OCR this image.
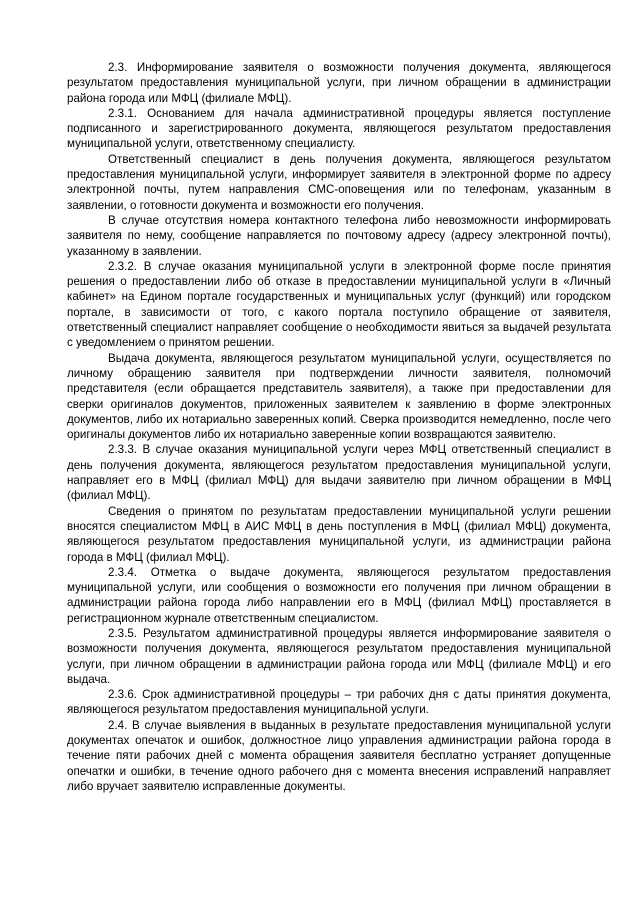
2.3. Информирование заявителя о возможности получения документа, являющегося результатом предоставления муниципальной услуги, при личном обращении в администрации района города или МФЦ (филиале МФЦ).

2.3.1. Основанием для начала административной процедуры является поступление подписанного и зарегистрированного документа, являющегося результатом предоставления муниципальной услуги, ответственному специалисту.

Ответственный специалист в день получения документа, являющегося результатом предоставления муниципальной услуги, информирует заявителя в электронной форме по адресу электронной почты, путем направления СМС-оповещения или по телефонам, указанным в заявлении, о готовности документа и возможности его получения.

В случае отсутствия номера контактного телефона либо невозможности информировать заявителя по нему, сообщение направляется по почтовому адресу (адресу электронной почты), указанному в заявлении.

2.3.2. В случае оказания муниципальной услуги в электронной форме после принятия решения о предоставлении либо об отказе в предоставлении муниципальной услуги в «Личный кабинет» на Едином портале государственных и муниципальных услуг (функций) или городском портале, в зависимости от того, с какого портала поступило обращение от заявителя, ответственный специалист направляет сообщение о необходимости явиться за выдачей результата с уведомлением о принятом решении.

Выдача документа, являющегося результатом муниципальной услуги, осуществляется по личному обращению заявителя при подтверждении личности заявителя, полномочий представителя (если обращается представитель заявителя), а также при предоставлении для сверки оригиналов документов, приложенных заявителем к заявлению в форме электронных документов, либо их нотариально заверенных копий. Сверка производится немедленно, после чего оригиналы документов либо их нотариально заверенные копии возвращаются заявителю.

2.3.3. В случае оказания муниципальной услуги через МФЦ ответственный специалист в день получения документа, являющегося результатом предоставления муниципальной услуги, направляет его в МФЦ (филиал МФЦ) для выдачи заявителю при личном обращении в МФЦ (филиал МФЦ).

Сведения о принятом по результатам предоставлении муниципальной услуги решении вносятся специалистом МФЦ в АИС МФЦ в день поступления в МФЦ (филиал МФЦ) документа, являющегося результатом предоставления муниципальной услуги, из администрации района города в МФЦ (филиал МФЦ).

2.3.4. Отметка о выдаче документа, являющегося результатом предоставления муниципальной услуги, или сообщения о возможности его получения при личном обращении в администрации района города либо направлении его в МФЦ (филиал МФЦ) проставляется в регистрационном журнале ответственным специалистом.

2.3.5. Результатом административной процедуры является информирование заявителя о возможности получения документа, являющегося результатом предоставления муниципальной услуги, при личном обращении в администрации района города или МФЦ (филиале МФЦ) и его выдача.

2.3.6. Срок административной процедуры – три рабочих дня с даты принятия документа, являющегося результатом предоставления муниципальной услуги.

2.4. В случае выявления в выданных в результате предоставления муниципальной услуги документах опечаток и ошибок, должностное лицо управления администрации района города в течение пяти рабочих дней с момента обращения заявителя бесплатно устраняет допущенные опечатки и ошибки, в течение одного рабочего дня с момента внесения исправлений направляет либо вручает заявителю исправленные документы.
